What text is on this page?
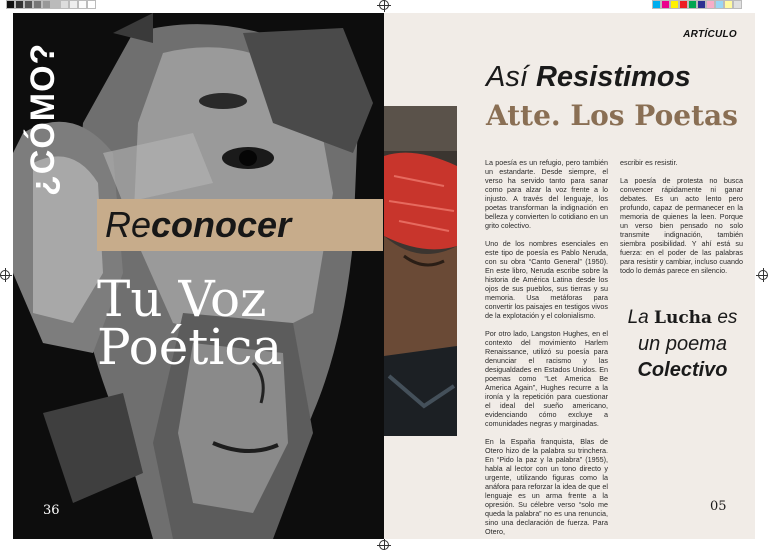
Reconocer
Tu Voz
Poética
36
¿CÓMO?
ARTÍCULO
Así Resistimos
Atte. Los Poetas

La poesía es un refugio, pero también un estandarte. Desde siempre, el verso ha servido tanto para sanar como para alzar la voz frente a lo injusto. A través del lenguaje, los poetas transforman la indignación en belleza y convierten lo cotidiano en un grito colectivo.

Uno de los nombres esenciales en este tipo de poesía es Pablo Neruda, con su obra “Canto General” (1950). En este libro, Neruda escribe sobre la historia de América Latina desde los ojos de sus pueblos, sus tierras y su memoria. Usa metáforas para convertir los paisajes en testigos vivos de la explotación y el colonialismo.

Por otro lado, Langston Hughes, en el contexto del movimiento Harlem Renaissance, utilizó su poesía para denunciar el racismo y las desigualdades en Estados Unidos. En poemas como “Let America Be America Again”, Hughes recurre a la ironía y la repetición para cuestionar el ideal del sueño americano, evidenciando cómo excluye a comunidades negras y marginadas.

En la España franquista, Blas de Otero hizo de la palabra su trinchera. En “Pido la paz y la palabra” (1955), habla al lector con un tono directo y urgente, utilizando figuras como la anáfora para reforzar la idea de que el lenguaje es un arma frente a la opresión. Su célebre verso “solo me queda la palabra” no es una renuncia, sino una declaración de fuerza. Para Otero,

escribir es resistir.

La poesía de protesta no busca convencer rápidamente ni ganar debates. Es un acto lento pero profundo, capaz de permanecer en la memoria de quienes la leen. Porque un verso bien pensado no solo transmite indignación, también siembra posibilidad. Y ahí está su fuerza: en el poder de las palabras para resistir y cambiar, incluso cuando todo lo demás parece en silencio.

La Lucha es
un poema
Colectivo
05
